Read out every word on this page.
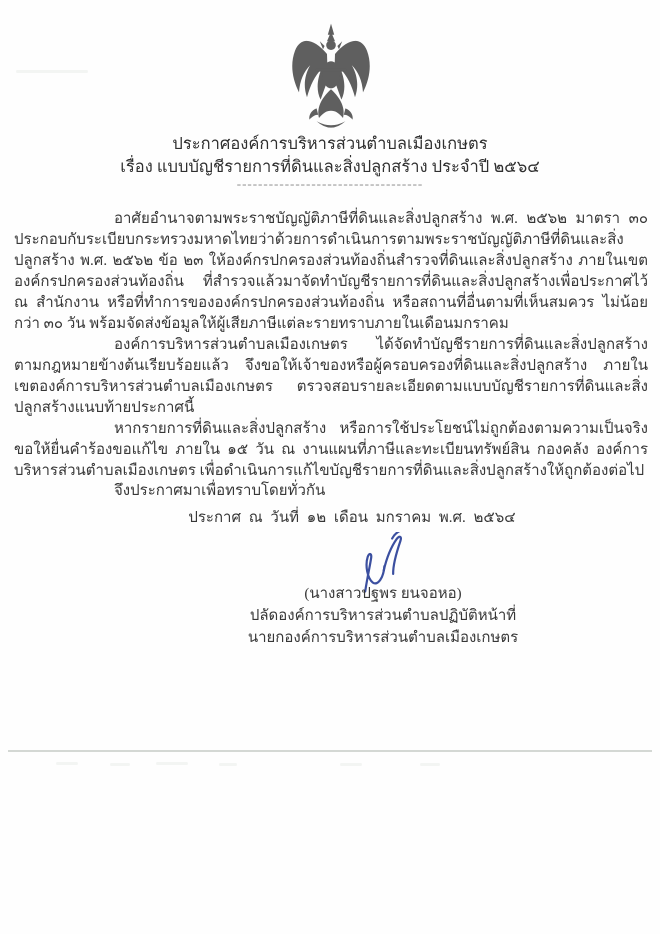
ประกาศองค์การบริหารส่วนตำบลเมืองเกษตร
เรื่อง แบบบัญชีรายการที่ดินและสิ่งปลูกสร้าง ประจำปี ๒๕๖๔
-----------------------------------

อาศัยอำนาจตามพระราชบัญญัติภาษีที่ดินและสิ่งปลูกสร้าง พ.ศ. ๒๕๖๒ มาตรา ๓๐ ประกอบกับระเบียบกระทรวงมหาดไทยว่าด้วยการดำเนินการตามพระราชบัญญัติภาษีที่ดินและสิ่งปลูกสร้าง พ.ศ. ๒๕๖๒ ข้อ ๒๓ ให้องค์กรปกครองส่วนท้องถิ่นสำรวจที่ดินและสิ่งปลูกสร้าง ภายในเขตองค์กรปกครองส่วนท้องถิ่น ที่สำรวจแล้วมาจัดทำบัญชีรายการที่ดินและสิ่งปลูกสร้างเพื่อประกาศไว้ ณ สำนักงาน หรือที่ทำการขององค์กรปกครองส่วนท้องถิ่น หรือสถานที่อื่นตามที่เห็นสมควร ไม่น้อยกว่า ๓๐ วัน พร้อมจัดส่งข้อมูลให้ผู้เสียภาษีแต่ละรายทราบภายในเดือนมกราคม

องค์การบริหารส่วนตำบลเมืองเกษตร ได้จัดทำบัญชีรายการที่ดินและสิ่งปลูกสร้างตามกฎหมายข้างต้นเรียบร้อยแล้ว จึงขอให้เจ้าของหรือผู้ครอบครองที่ดินและสิ่งปลูกสร้าง ภายในเขตองค์การบริหารส่วนตำบลเมืองเกษตร ตรวจสอบรายละเอียดตามแบบบัญชีรายการที่ดินและสิ่งปลูกสร้างแนบท้ายประกาศนี้

หากรายการที่ดินและสิ่งปลูกสร้าง หรือการใช้ประโยชน์ไม่ถูกต้องตามความเป็นจริง ขอให้ยื่นคำร้องขอแก้ไข ภายใน ๑๕ วัน ณ งานแผนที่ภาษีและทะเบียนทรัพย์สิน กองคลัง องค์การบริหารส่วนตำบลเมืองเกษตร เพื่อดำเนินการแก้ไขบัญชีรายการที่ดินและสิ่งปลูกสร้างให้ถูกต้องต่อไป

จึงประกาศมาเพื่อทราบโดยทั่วกัน
ประกาศ ณ วันที่ ๑๒ เดือน มกราคม พ.ศ. ๒๕๖๔
(นางสาวปฐพร ยนจอหอ)
ปลัดองค์การบริหารส่วนตำบลปฏิบัติหน้าที่
นายกองค์การบริหารส่วนตำบลเมืองเกษตร
